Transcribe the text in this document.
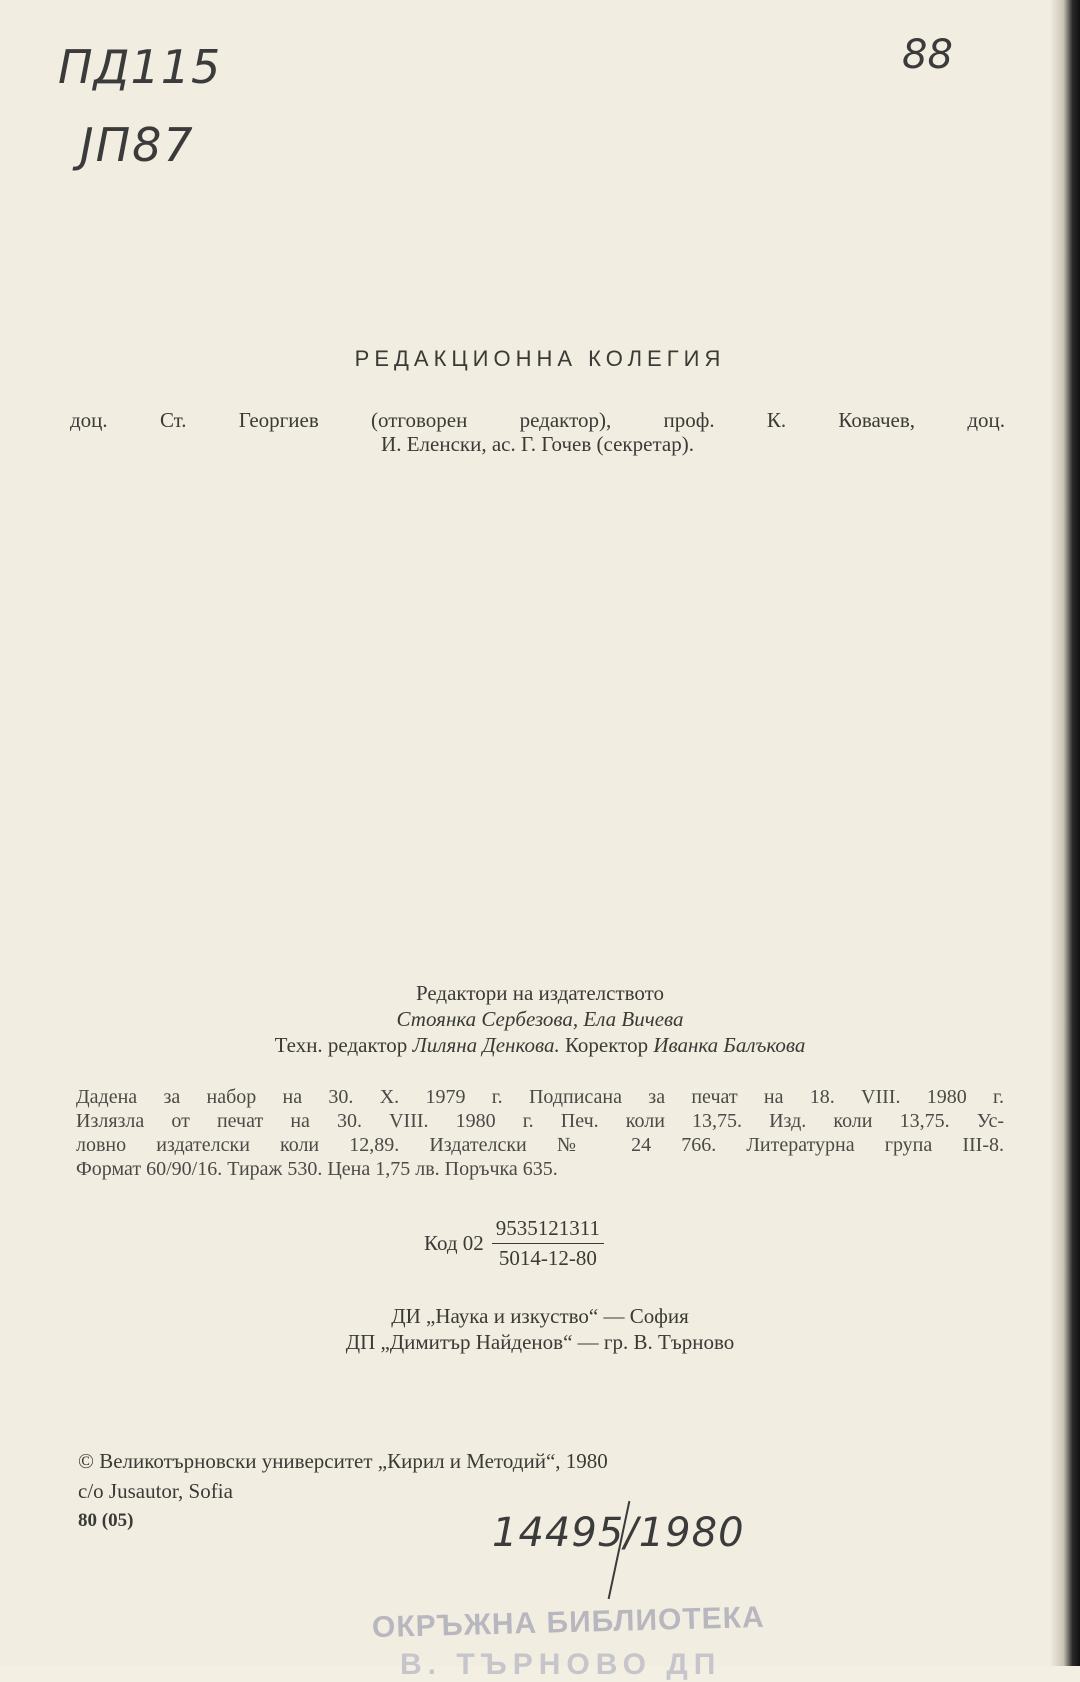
ПД115
ЈП87
88
РЕДАКЦИОННА КОЛЕГИЯ
доц. Ст. Георгиев (отговорен редактор), проф. К. Ковачев, доц.
И. Еленски, ас. Г. Гочев (секретар).
Редактори на издателството
Стоянка Сербезова, Ела Вичева
Техн. редактор Лиляна Денкова. Коректор Иванка Балъкова
Дадена за набор на 30. X. 1979 г. Подписана за печат на 18. VIII. 1980 г.
Излязла от печат на 30. VIII. 1980 г. Печ. коли 13,75. Изд. коли 13,75. Ус-
ловно издателски коли 12,89. Издателски № 24 766. Литературна група III-8.
Формат 60/90/16. Тираж 530. Цена 1,75 лв. Поръчка 635.
Код $02 \frac{9535121311}{5014-12-80}$
ДИ „Наука и изкуство“ — София
ДП „Димитър Найденов“ — гр. В. Търново
© Великотърновски университет „Кирил и Методий“, 1980
c/o Jusautor, Sofia
80 (05)	14495/1980
ОКРЪЖНА БИБЛИОТЕКА
В. ТЪРНОВО ДП
